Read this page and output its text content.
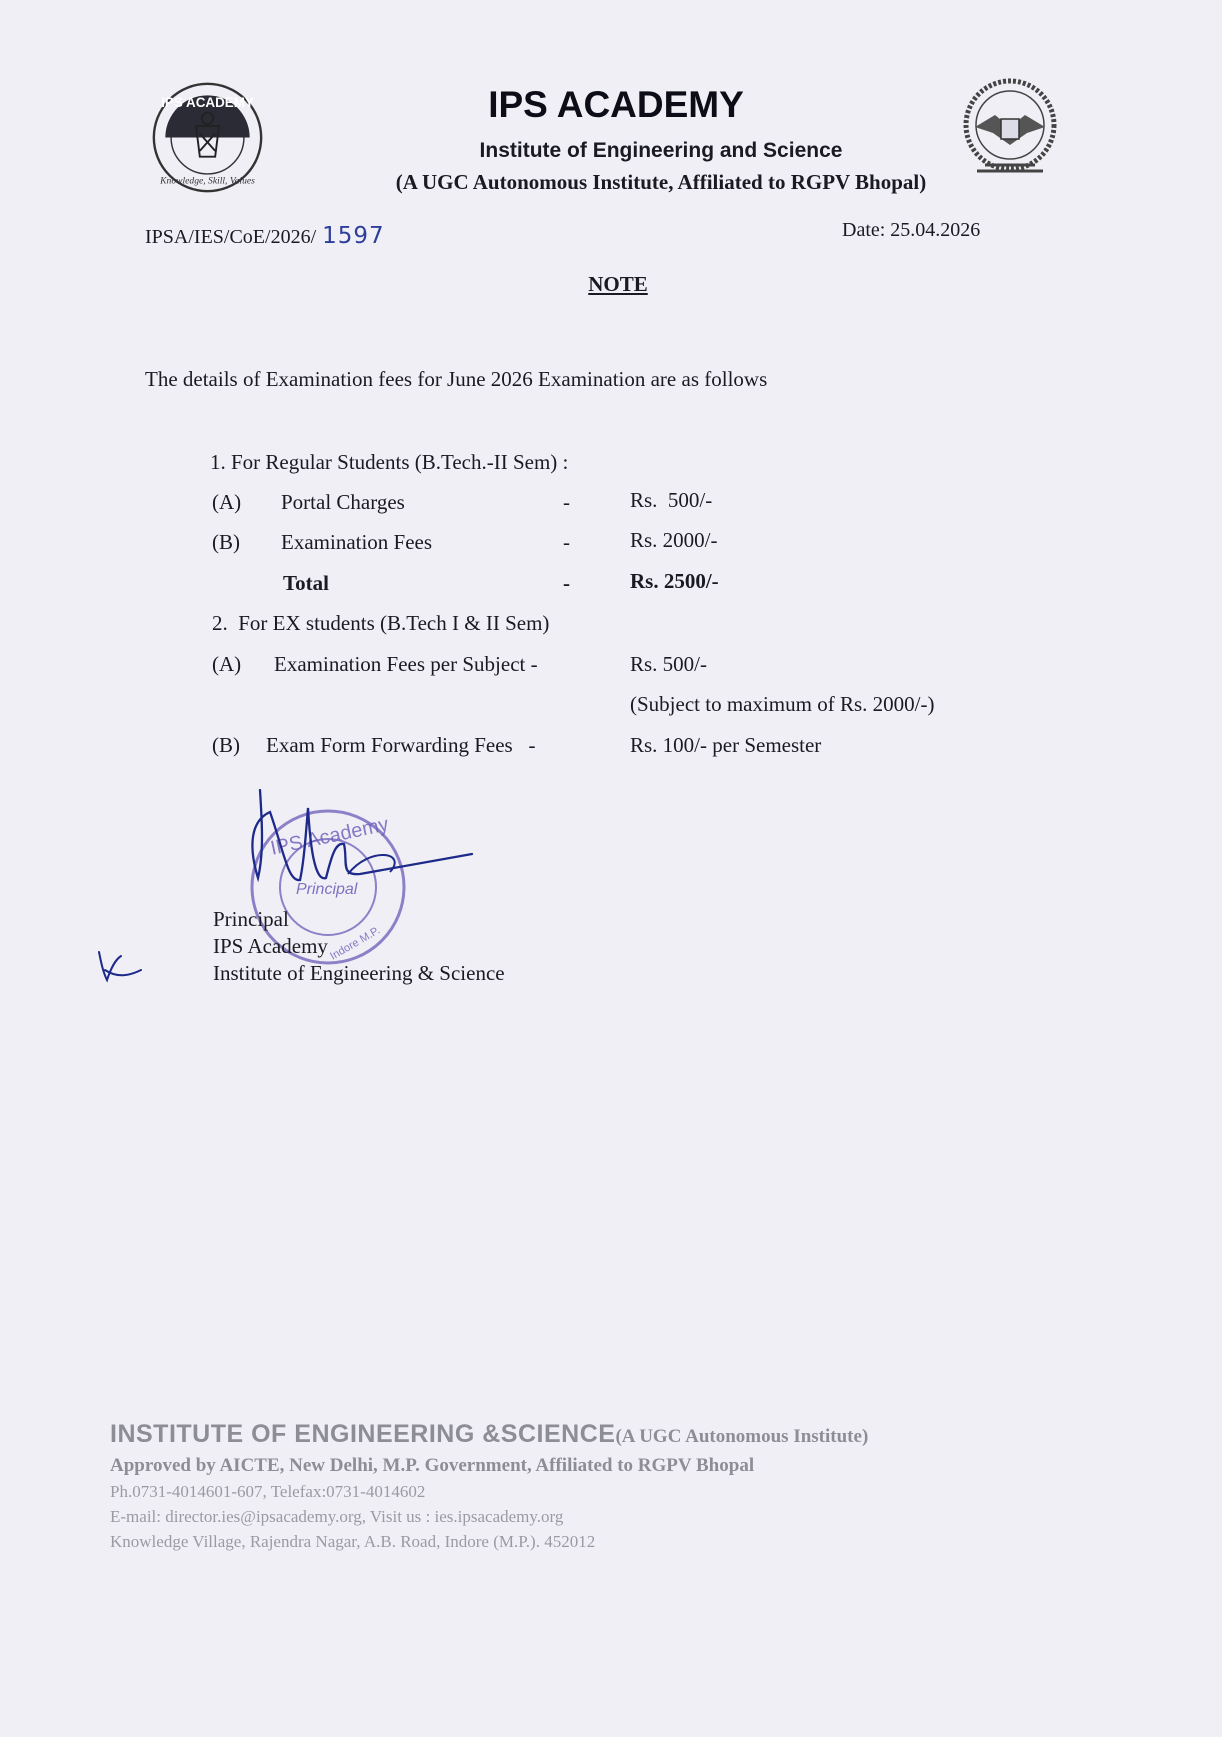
IPS ACADEMY
Knowledge, Skill, Values
IPS ACADEMY
Institute of Engineering and Science
(A UGC Autonomous Institute, Affiliated to RGPV Bhopal)
IPSA/IES/CoE/2026/ 1597	Date: 25.04.2026
NOTE
The details of Examination fees for June 2026 Examination are as follows
1. For Regular Students (B.Tech.-II Sem) :
(A) Portal Charges	-	Rs.  500/-
(B) Examination Fees	-	Rs. 2000/-
Total	-	Rs. 2500/-
2.  For EX students (B.Tech I & II Sem)
(A) Examination Fees per Subject -	Rs. 500/-
(Subject to maximum of Rs. 2000/-)
(B) Exam Form Forwarding Fees   -	Rs. 100/- per Semester
IPS Academy
Principal
Indore M.P.
Principal
IPS Academy
Institute of Engineering & Science
INSTITUTE OF ENGINEERING &SCIENCE(A UGC Autonomous Institute)
Approved by AICTE, New Delhi, M.P. Government, Affiliated to RGPV Bhopal
Ph.0731-4014601-607, Telefax:0731-4014602
E-mail: director.ies@ipsacademy.org, Visit us : ies.ipsacademy.org
Knowledge Village, Rajendra Nagar, A.B. Road, Indore (M.P.). 452012
